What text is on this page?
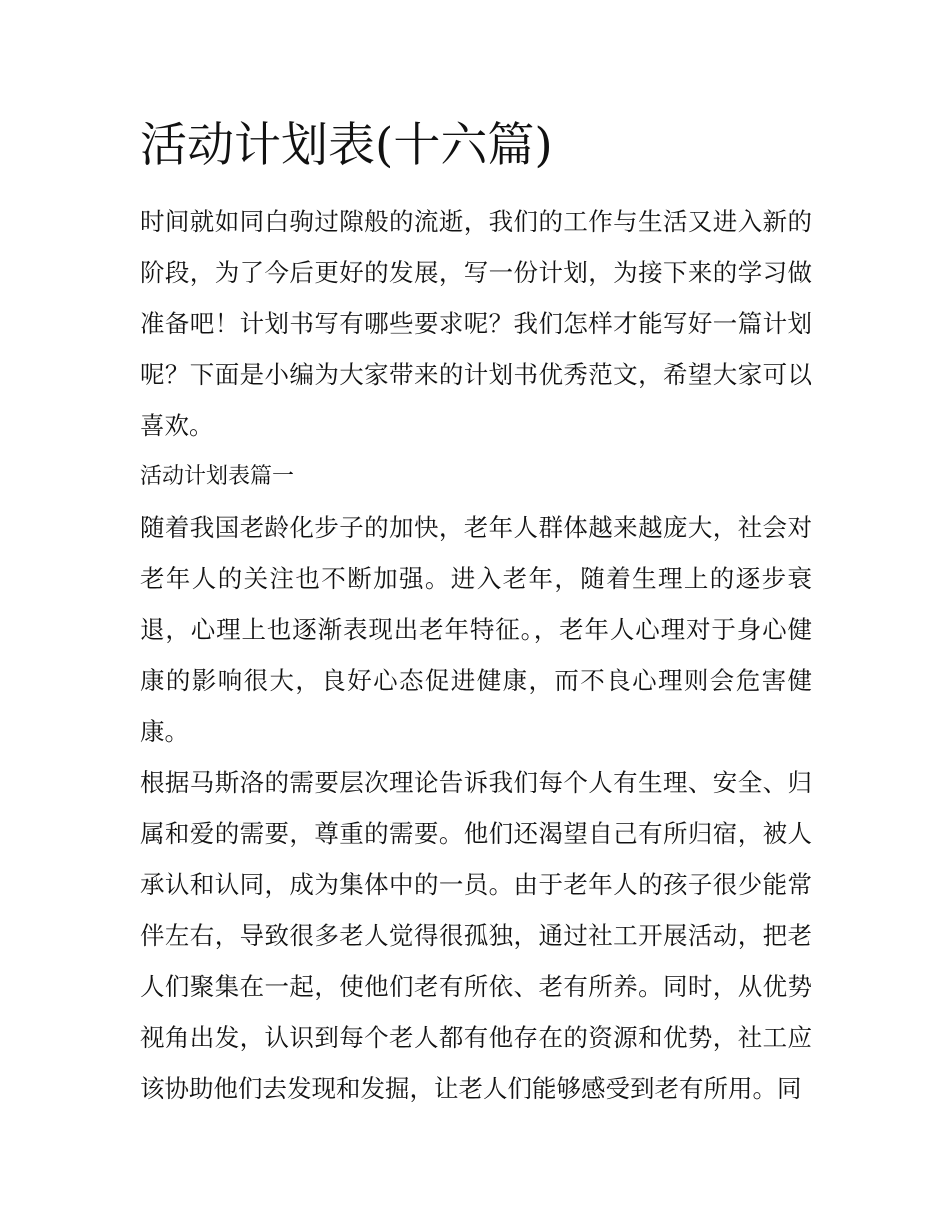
活动计划表(十六篇)

时间就如同白驹过隙般的流逝，我们的工作与生活又进入新的阶段，为了今后更好的发展，写一份计划，为接下来的学习做准备吧！计划书写有哪些要求呢？我们怎样才能写好一篇计划呢？下面是小编为大家带来的计划书优秀范文，希望大家可以喜欢。

活动计划表篇一

随着我国老龄化步子的加快，老年人群体越来越庞大，社会对老年人的关注也不断加强。进入老年，随着生理上的逐步衰退，心理上也逐渐表现出老年特征。，老年人心理对于身心健康的影响很大，良好心态促进健康，而不良心理则会危害健康。

根据马斯洛的需要层次理论告诉我们每个人有生理、安全、归属和爱的需要，尊重的需要。他们还渴望自己有所归宿，被人承认和认同，成为集体中的一员。由于老年人的孩子很少能常伴左右，导致很多老人觉得很孤独，通过社工开展活动，把老人们聚集在一起，使他们老有所依、老有所养。同时，从优势视角出发，认识到每个老人都有他存在的资源和优势，社工应该协助他们去发现和发掘，让老人们能够感受到老有所用。同
